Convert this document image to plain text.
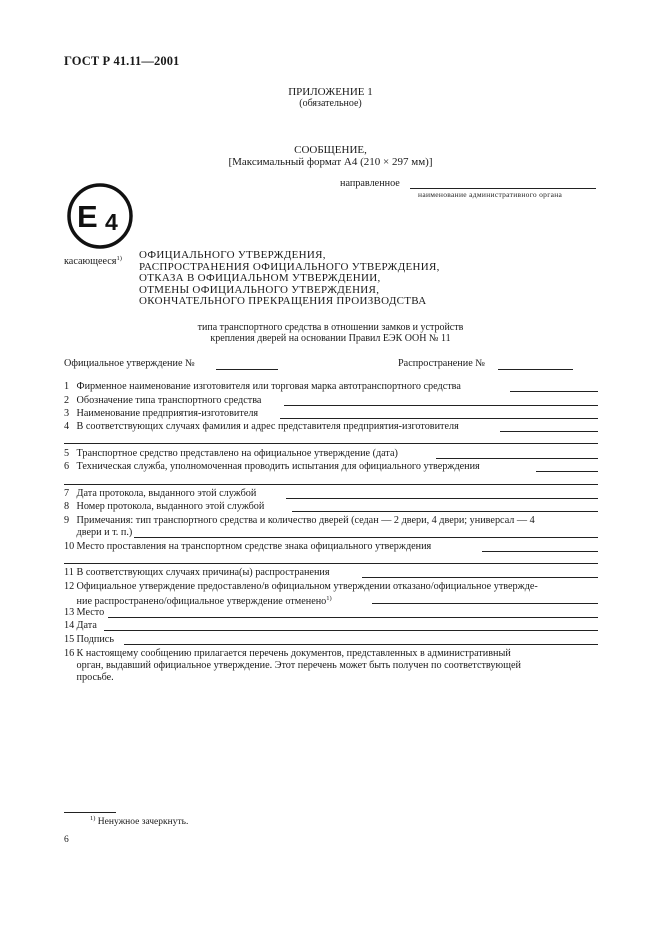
ГОСТ Р 41.11—2001
ПРИЛОЖЕНИЕ 1
(обязательное)
СООБЩЕНИЕ,
[Максимальный формат А4 (210 × 297 мм)]
E 4
направленное
наименование административного органа
касающееся$^{1)}$ ОФИЦИАЛЬНОГО УТВЕРЖДЕНИЯ,
РАСПРОСТРАНЕНИЯ ОФИЦИАЛЬНОГО УТВЕРЖДЕНИЯ,
ОТКАЗА В ОФИЦИАЛЬНОМ УТВЕРЖДЕНИИ,
ОТМЕНЫ ОФИЦИАЛЬНОГО УТВЕРЖДЕНИЯ,
ОКОНЧАТЕЛЬНОГО ПРЕКРАЩЕНИЯ ПРОИЗВОДСТВА
типа транспортного средства в отношении замков и устройств
крепления дверей на основании Правил ЕЭК ООН № 11
Официальное утверждение №	Распространение №
1 Фирменное наименование изготовителя или торговая марка автотранспортного средства
2 Обозначение типа транспортного средства
3 Наименование предприятия-изготовителя
4 В соответствующих случаях фамилия и адрес представителя предприятия-изготовителя
5 Транспортное средство представлено на официальное утверждение (дата)
6 Техническая служба, уполномоченная проводить испытания для официального утверждения
7 Дата протокола, выданного этой службой
8 Номер протокола, выданного этой службой
9 Примечания: тип транспортного средства и количество дверей (седан — 2 двери, 4 двери; универсал — 4
двери и т. п.)
10 Место проставления на транспортном средстве знака официального утверждения
11 В соответствующих случаях причина(ы) распространения
12 Официальное утверждение предоставлено/в официальном утверждении отказано/официальное утвержде-
ние распространено/официальное утверждение отменено$^{1)}$
13 Место
14 Дата
15 Подпись
16 К настоящему сообщению прилагается перечень документов, представленных в административный
орган, выдавший официальное утверждение. Этот перечень может быть получен по соответствующей
просьбе.
$^{1)}$ Ненужное зачеркнуть.
6
